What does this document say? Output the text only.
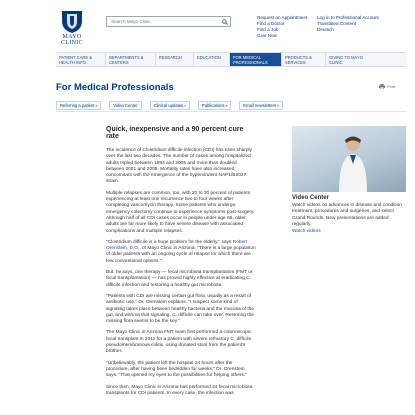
MAYO
CLINIC
Search Mayo Clinic
Request an Appointment
Find a Doctor
Find a Job
Give Now
Log in to Professional Account
Translated Content
Deutsch
PATIENT CARE & HEALTH INFO
DEPARTMENTS & CENTERS
RESEARCH	EDUCATION	FOR MEDICAL PROFESSIONALS
PRODUCTS & SERVICES
GIVING TO MAYO CLINIC
For Medical Professionals	Print
Referring a patient ▾	Video Center	Clinical updates ▾	Publications ▾	Email newsletters ▾
Quick, inexpensive and a 90 percent cure rate

The incidence of Clostridium difficile infection (CDI) has risen sharply over the last two decades. The number of cases among hospitalized adults tripled between 1993 and 2005 and more than doubled between 2001 and 2005. Mortality rates have also increased, concomitant with the emergence of the hypervirulent NAP1/BI/027 strain.

Multiple relapses are common, too, with 20 to 30 percent of patients experiencing at least one recurrence two to four weeks after completing vancomycin therapy. Some patients who undergo emergency colectomy continue to experience symptoms post-surgery. Although half of all CDI cases occur in people under age 65, older adults are far more likely to have severe disease with associated complications and multiple relapses.

"Clostridium difficile is a huge problem for the elderly," says Robert Orenstein, D.O., of Mayo Clinic in Arizona. "There is a large population of older patients with an ongoing cycle of relapse for which there are few conventional options."

But, he says, one therapy — fecal microbiota transplantation (FMT or fecal transplantation) — has proved highly effective at eradicating C. difficile infection and restoring a healthy gut microbiota.

"Patients with CDI are missing certain gut flora, usually as a result of antibiotic use," Dr. Orenstein explains. "I suspect some kind of signaling takes place between healthy bacteria and the mucosa of the gut, and without that signaling, C. difficile can take over. Restoring the missing flora seems to be the key."

The Mayo Clinic in Arizona FMT team first performed a colonoscopic fecal transplant in 2011 for a patient with severe refractory C. difficile pseudomembranous colitis, using donated stool from the patient's brother.

"Unbelievably, the patient left the hospital 24 hours after the procedure, after having been bedridden for weeks," Dr. Orenstein says. "That opened my eyes to the possibilities for helping others."

Since then, Mayo Clinic in Arizona has performed 24 fecal microbiota transplants for CDI patients. In every case, the infection was

Video Center

Watch videos on advances in disease and condition treatment, procedures and surgeries, and select Grand Rounds. New presentations are added regularly.

Watch videos
